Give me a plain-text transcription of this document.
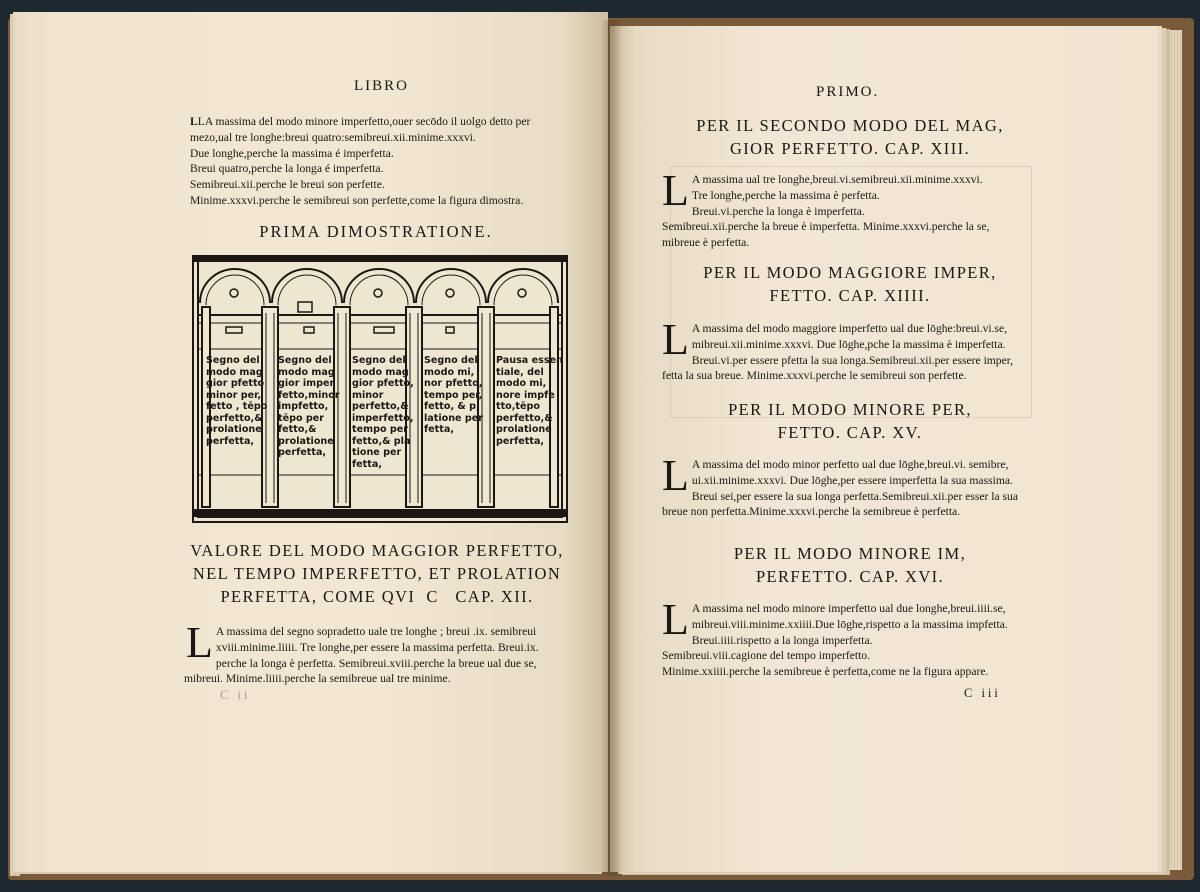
LIBRO
LLA massima del modo minore imperfetto,ouer secōdo il uolgo detto per
mezo,ual tre longhe:breui quatro:semibreui.xii.minime.xxxvi.
Due longhe,perche la massima é imperfetta.
Breui quatro,perche la longa é imperfetta.
Semibreui.xii.perche le breui son perfette.
Minime.xxxvi.perche le semibreui son perfette,come la figura dimostra.
PRIMA DIMOSTRATIONE.
Segno del
modo mag
gior pfetto
minor per,
fetto , tēpo
perfetto,&
prolatione
perfetta,
Segno del
modo mag
gior imper
fetto,minor
impfetto,
tēpo per
fetto,&
prolatione
perfetta,
Segno del
modo mag
gior pfetto,
minor
perfetto,&
imperfetto,
tempo per
fetto,& pla
tione per
fetta,
Segno del
modo mi,
nor pfetto,
tempo per,
fetto, & p,
latione per
fetta,
Pausa essen
tiale, del
modo mi,
nore impfe
tto,tēpo
perfetto,&
prolatione
perfetta,
VALORE DEL MODO MAGGIOR PERFETTO,
NEL TEMPO IMPERFETTO, ET PROLATION
PERFETTA, COME QVI C CAP. XII.
L A massima del segno sopradetto uale tre longhe ; breui .ix. semibreui
xviii.minime.liiii. Tre longhe,per essere la massima perfetta. Breui.ix.
perche la longa è perfetta. Semibreui.xviii.perche la breue ual due se,
mibreui. Minime.liiii.perche la semibreue ual tre minime.
C ii
PRIMO.
PER IL SECONDO MODO DEL MAG,
GIOR PERFETTO. CAP. XIII.
L A massima ual tre longhe,breui.vi.semibreui.xii.minime.xxxvi.
Tre longhe,perche la massima è perfetta.
Breui.vi.perche la longa è imperfetta.
Semibreui.xii.perche la breue è imperfetta. Minime.xxxvi.perche la se,
mibreue è perfetta.
PER IL MODO MAGGIORE IMPER,
FETTO. CAP. XIIII.
L A massima del modo maggiore imperfetto ual due lōghe:breui.vi.se,
mibreui.xii.minime.xxxvi. Due lōghe,pche la massima è imperfetta.
Breui.vi.per essere pfetta la sua longa.Semibreui.xii.per essere imper,
fetta la sua breue. Minime.xxxvi.perche le semibreui son perfette.
PER IL MODO MINORE PER,
FETTO. CAP. XV.
L A massima del modo minor perfetto ual due lōghe,breui.vi. semibre,
ui.xii.minime.xxxvi. Due lōghe,per essere imperfetta la sua massima.
Breui sei,per essere la sua longa perfetta.Semibreui.xii.per esser la sua
breue non perfetta.Minime.xxxvi.perche la semibreue è perfetta.
PER IL MODO MINORE IM,
PERFETTO. CAP. XVI.
L A massima nel modo minore imperfetto ual due longhe,breui.iiii.se,
mibreui.viii.minime.xxiiii.Due lōghe,rispetto a la massima impfetta.
Breui.iiii.rispetto a la longa imperfetta.
Semibreui.viii.cagione del tempo imperfetto.
Minime.xxiiii.perche la semibreue è perfetta,come ne la figura appare.
C iii
